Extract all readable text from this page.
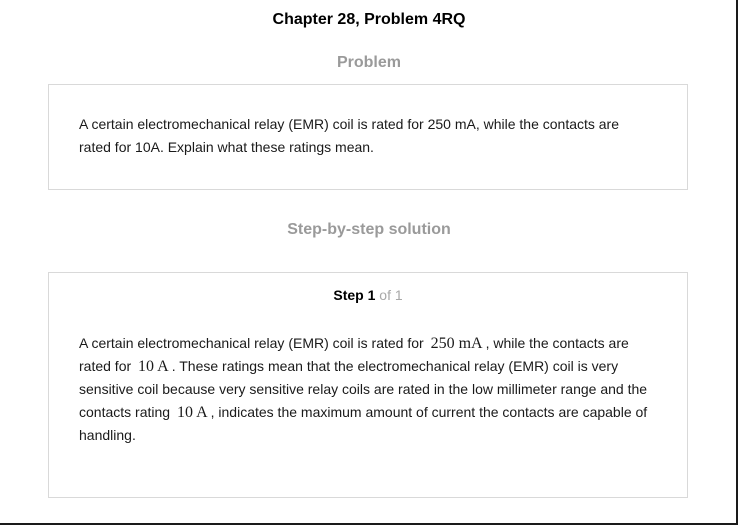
Chapter 28, Problem 4RQ
Problem
A certain electromechanical relay (EMR) coil is rated for 250 mA, while the contacts are rated for 10A. Explain what these ratings mean.
Step-by-step solution
Step 1 of 1
A certain electromechanical relay (EMR) coil is rated for 250 mA , while the contacts are rated for 10 A . These ratings mean that the electromechanical relay (EMR) coil is very sensitive coil because very sensitive relay coils are rated in the low millimeter range and the contacts rating 10 A , indicates the maximum amount of current the contacts are capable of handling.
